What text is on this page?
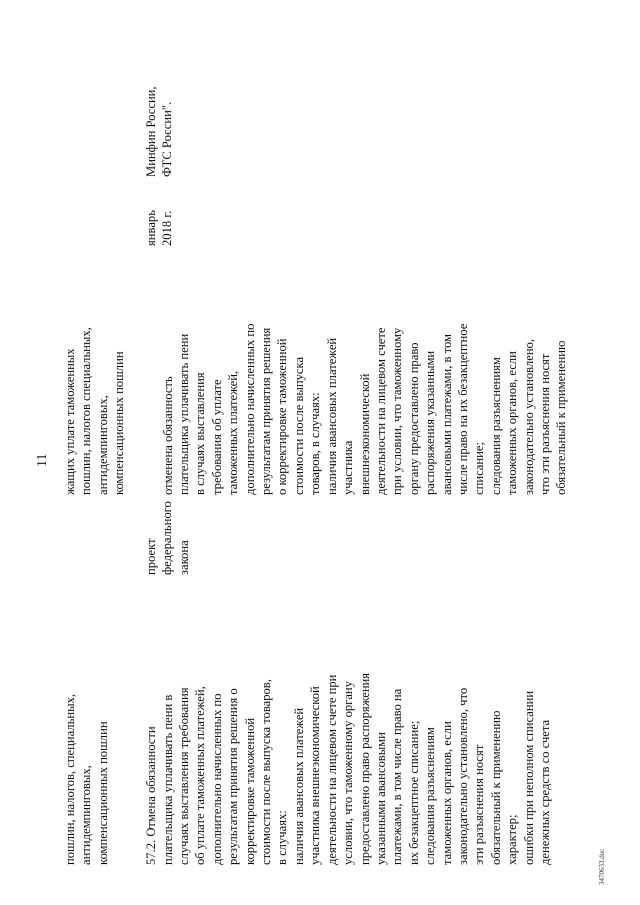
11
пошлин, налогов, специальных, антидемпинговых, компенсационных пошлин	57.2. Отмена обязанности плательщика уплачивать пени в случаях выставления требования об уплате таможенных платежей, дополнительно начисленных по результатам принятия решения о корректировке таможенной стоимости после выпуска товаров, в случаях: наличия авансовых платежей участника внешнеэкономической деятельности на лицевом счете при условии, что таможенному органу предоставлено право распоряжения указанными авансовыми платежами, в том числе право на их безакцептное списание; следования разъяснениям таможенных органов, если законодательно установлено, что эти разъяснения носят обязательный к применению характер; ошибки при неполном списании денежных средств со счета
проект федерального закона
жащих уплате таможенных пошлин, налогов специальных, антидемпинговых, компенсационных пошлин	отменена обязанность плательщика уплачивать пени в случаях выставления требования об уплате таможенных платежей, дополнительно начисленных по результатам принятия решения о корректировке таможенной стоимости после выпуска товаров, в случаях: наличия авансовых платежей участника внешнеэкономической деятельности на лицевом счете при условии, что таможенному органу предоставлено право распоряжения указанными авансовыми платежами, в том числе право на их безакцептное списание; следования разъяснениям таможенных органов, если законодательно установлено, что эти разъяснения носят обязательный к применению
январь 2018 г.
Минфин России, ФТС России".
3470633.doc
